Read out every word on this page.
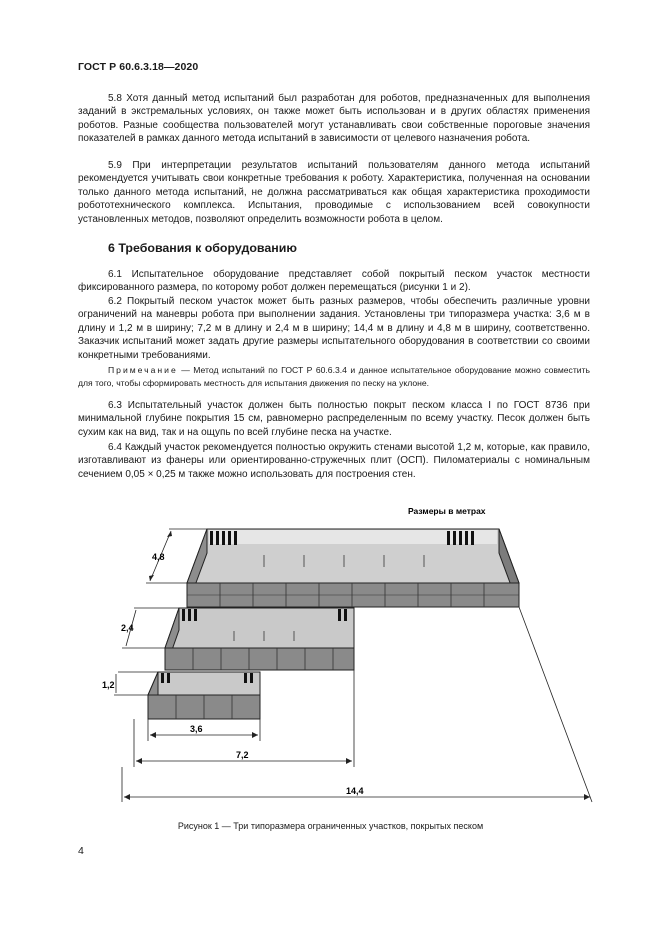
ГОСТ Р 60.6.3.18—2020

5.8 Хотя данный метод испытаний был разработан для роботов, предназначенных для выполнения заданий в экстремальных условиях, он также может быть использован и в других областях применения роботов. Разные сообщества пользователей могут устанавливать свои собственные пороговые значения показателей в рамках данного метода испытаний в зависимости от целевого назначения робота.

5.9 При интерпретации результатов испытаний пользователям данного метода испытаний рекомендуется учитывать свои конкретные требования к роботу. Характеристика, полученная на основании только данного метода испытаний, не должна рассматриваться как общая характеристика проходимости робототехнического комплекса. Испытания, проводимые с использованием всей совокупности установленных методов, позволяют определить возможности робота в целом.

6 Требования к оборудованию

6.1 Испытательное оборудование представляет собой покрытый песком участок местности фиксированного размера, по которому робот должен перемещаться (рисунки 1 и 2).

6.2 Покрытый песком участок может быть разных размеров, чтобы обеспечить различные уровни ограничений на маневры робота при выполнении задания. Установлены три типоразмера участка: 3,6 м в длину и 1,2 м в ширину; 7,2 м в длину и 2,4 м в ширину; 14,4 м в длину и 4,8 м в ширину, соответственно. Заказчик испытаний может задать другие размеры испытательного оборудования в соответствии со своими конкретными требованиями.

Примечание — Метод испытаний по ГОСТ Р 60.6.3.4 и данное испытательное оборудование можно совместить для того, чтобы сформировать местность для испытания движения по песку на уклоне.

6.3 Испытательный участок должен быть полностью покрыт песком класса I по ГОСТ 8736 при минимальной глубине покрытия 15 см, равномерно распределенным по всему участку. Песок должен быть сухим как на вид, так и на ощупь по всей глубине песка на участке.

6.4 Каждый участок рекомендуется полностью окружить стенами высотой 1,2 м, которые, как правило, изготавливают из фанеры или ориентированно-стружечных плит (ОСП). Пиломатериалы с номинальным сечением 0,05 × 0,25 м также можно использовать для построения стен.

Размеры в метрах
4,8
2,4
1,2
3,6
7,2
14,4
Рисунок 1 — Три типоразмера ограниченных участков, покрытых песком
4
